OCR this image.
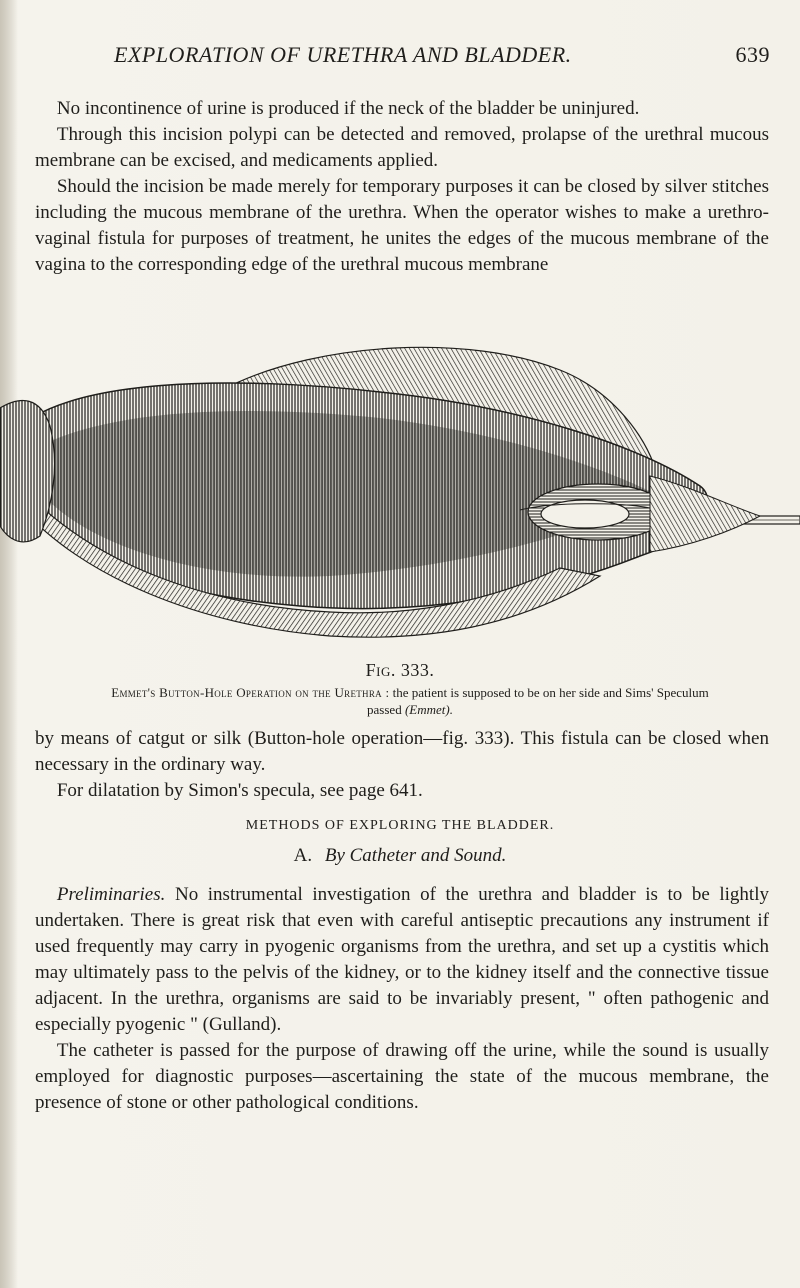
EXPLORATION OF URETHRA AND BLADDER.	639

No incontinence of urine is produced if the neck of the bladder be uninjured.

Through this incision polypi can be detected and removed, prolapse of the urethral mucous membrane can be excised, and medicaments applied.

Should the incision be made merely for temporary purposes it can be closed by silver stitches including the mucous membrane of the urethra. When the operator wishes to make a urethro-vaginal fistula for purposes of treatment, he unites the edges of the mucous membrane of the vagina to the corresponding edge of the urethral mucous membrane

Fig. 333.
Emmet's Button-Hole Operation on the Urethra : the patient is supposed to be on her side and Sims' Speculum passed (Emmet).

by means of catgut or silk (Button-hole operation—fig. 333). This fistula can be closed when necessary in the ordinary way.

For dilatation by Simon's specula, see page 641.

METHODS OF EXPLORING THE BLADDER.
A. By Catheter and Sound.

Preliminaries. No instrumental investigation of the urethra and bladder is to be lightly undertaken. There is great risk that even with careful antiseptic precautions any instrument if used frequently may carry in pyogenic organisms from the urethra, and set up a cystitis which may ultimately pass to the pelvis of the kidney, or to the kidney itself and the connective tissue adjacent. In the urethra, organisms are said to be invariably present, " often pathogenic and especially pyogenic " (Gulland).

The catheter is passed for the purpose of drawing off the urine, while the sound is usually employed for diagnostic purposes—ascertaining the state of the mucous membrane, the presence of stone or other pathological conditions.
